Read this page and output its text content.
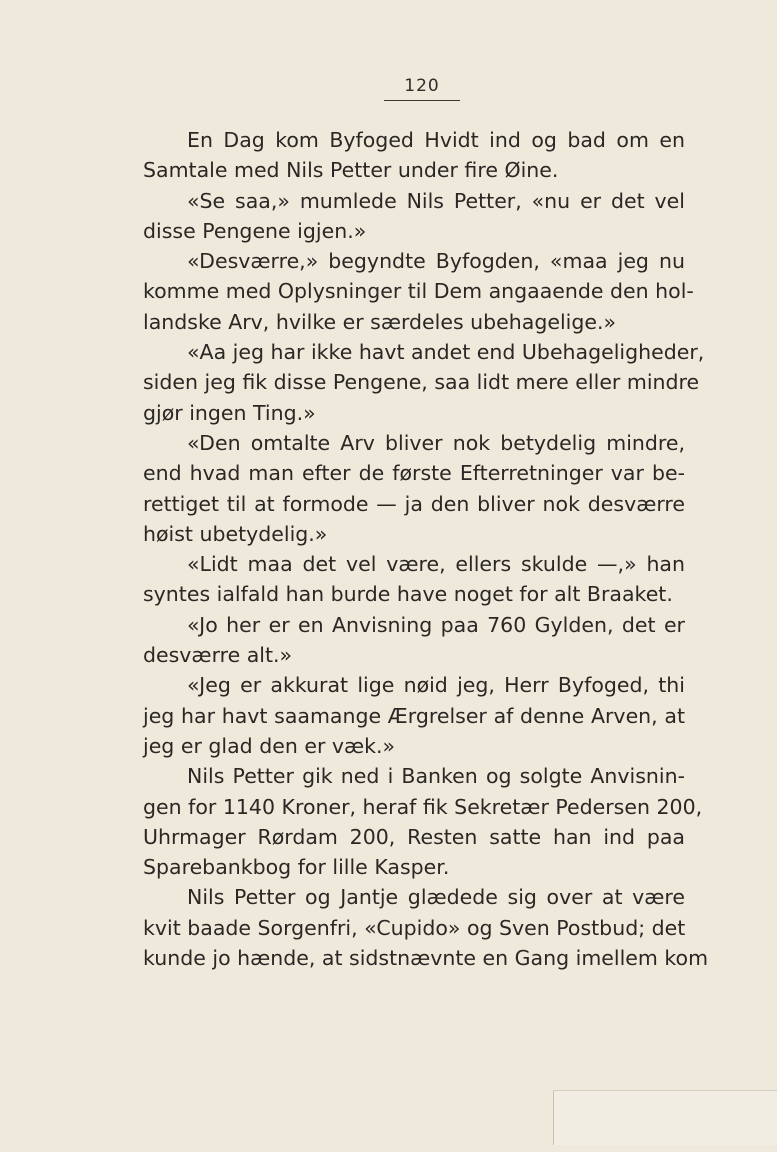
120
En Dag kom Byfoged Hvidt ind og bad om en
Samtale med Nils Petter under fire Øine.
«Se saa,» mumlede Nils Petter, «nu er det vel
disse Pengene igjen.»
«Desværre,» begyndte Byfogden, «maa jeg nu
komme med Oplysninger til Dem angaaende den hol-
landske Arv, hvilke er særdeles ubehagelige.»
«Aa jeg har ikke havt andet end Ubehageligheder,
siden jeg fik disse Pengene, saa lidt mere eller mindre
gjør ingen Ting.»
«Den omtalte Arv bliver nok betydelig mindre,
end hvad man efter de første Efterretninger var be-
rettiget til at formode — ja den bliver nok desværre
høist ubetydelig.»
«Lidt maa det vel være, ellers skulde —,» han
syntes ialfald han burde have noget for alt Braaket.
«Jo her er en Anvisning paa 760 Gylden, det er
desværre alt.»
«Jeg er akkurat lige nøid jeg, Herr Byfoged, thi
jeg har havt saamange Ærgrelser af denne Arven, at
jeg er glad den er væk.»
Nils Petter gik ned i Banken og solgte Anvisnin-
gen for 1140 Kroner, heraf fik Sekretær Pedersen 200,
Uhrmager Rørdam 200, Resten satte han ind paa
Sparebankbog for lille Kasper.
Nils Petter og Jantje glædede sig over at være
kvit baade Sorgenfri, «Cupido» og Sven Postbud; det
kunde jo hænde, at sidstnævnte en Gang imellem kom
